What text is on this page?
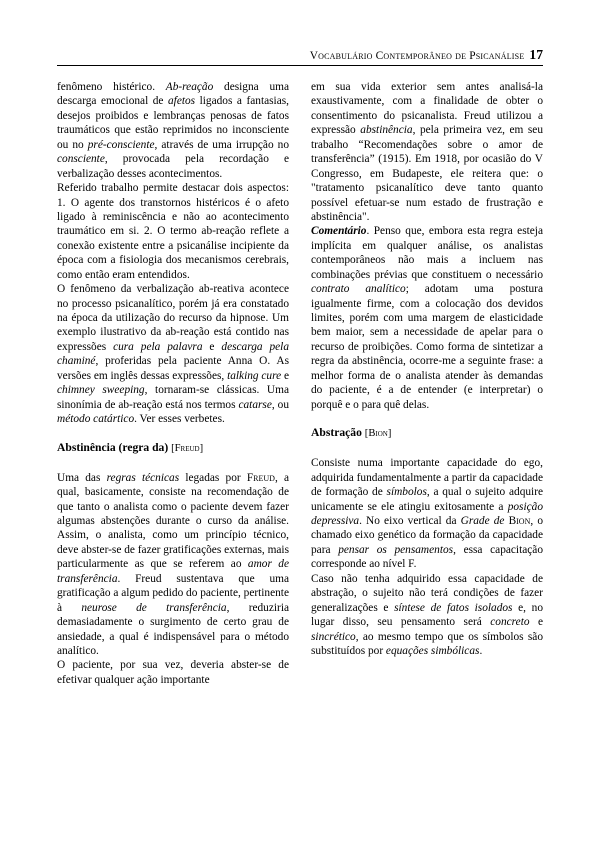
Vocabulário Contemporâneo de Psicanálise 17

fenômeno histérico. Ab-reação designa uma descarga emocional de afetos ligados a fantasias, desejos proibidos e lembranças penosas de fatos traumáticos que estão reprimidos no inconsciente ou no pré-consciente, através de uma irrupção no consciente, provocada pela recordação e verbalização desses acontecimentos.

Referido trabalho permite destacar dois aspectos: 1. O agente dos transtornos histéricos é o afeto ligado à reminiscência e não ao acontecimento traumático em si. 2. O termo ab-reação reflete a conexão existente entre a psicanálise incipiente da época com a fisiologia dos mecanismos cerebrais, como então eram entendidos.

O fenômeno da verbalização ab-reativa acontece no processo psicanalítico, porém já era constatado na época da utilização do recurso da hipnose. Um exemplo ilustrativo da ab-reação está contido nas expressões cura pela palavra e descarga pela chaminé, proferidas pela paciente Anna O. As versões em inglês dessas expressões, talking cure e chimney sweeping, tornaram-se clássicas. Uma sinonímia de ab-reação está nos termos catarse, ou método catártico. Ver esses verbetes.

Abstinência (regra da) [Freud]

Uma das regras técnicas legadas por Freud, a qual, basicamente, consiste na recomendação de que tanto o analista como o paciente devem fazer algumas abstenções durante o curso da análise. Assim, o analista, como um princípio técnico, deve abster-se de fazer gratificações externas, mais particularmente as que se referem ao amor de transferência. Freud sustentava que uma gratificação a algum pedido do paciente, pertinente à neurose de transferência, reduziria demasiadamente o surgimento de certo grau de ansiedade, a qual é indispensável para o método analítico.

O paciente, por sua vez, deveria abster-se de efetivar qualquer ação importante

em sua vida exterior sem antes analisá-la exaustivamente, com a finalidade de obter o consentimento do psicanalista. Freud utilizou a expressão abstinência, pela primeira vez, em seu trabalho “Recomendações sobre o amor de transferência” (1915). Em 1918, por ocasião do V Congresso, em Budapeste, ele reitera que: o "tratamento psicanalítico deve tanto quanto possível efetuar-se num estado de frustração e abstinência".

Comentário. Penso que, embora esta regra esteja implícita em qualquer análise, os analistas contemporâneos não mais a incluem nas combinações prévias que constituem o necessário contrato analítico; adotam uma postura igualmente firme, com a colocação dos devidos limites, porém com uma margem de elasticidade bem maior, sem a necessidade de apelar para o recurso de proibições. Como forma de sintetizar a regra da abstinência, ocorre-me a seguinte frase: a melhor forma de o analista atender às demandas do paciente, é a de entender (e interpretar) o porquê e o para quê delas.

Abstração [Bion]

Consiste numa importante capacidade do ego, adquirida fundamentalmente a partir da capacidade de formação de símbolos, a qual o sujeito adquire unicamente se ele atingiu exitosamente a posição depressiva. No eixo vertical da Grade de Bion, o chamado eixo genético da formação da capacidade para pensar os pensamentos, essa capacitação corresponde ao nível F.

Caso não tenha adquirido essa capacidade de abstração, o sujeito não terá condições de fazer generalizações e síntese de fatos isolados e, no lugar disso, seu pensamento será concreto e sincrético, ao mesmo tempo que os símbolos são substituídos por equações simbólicas.
